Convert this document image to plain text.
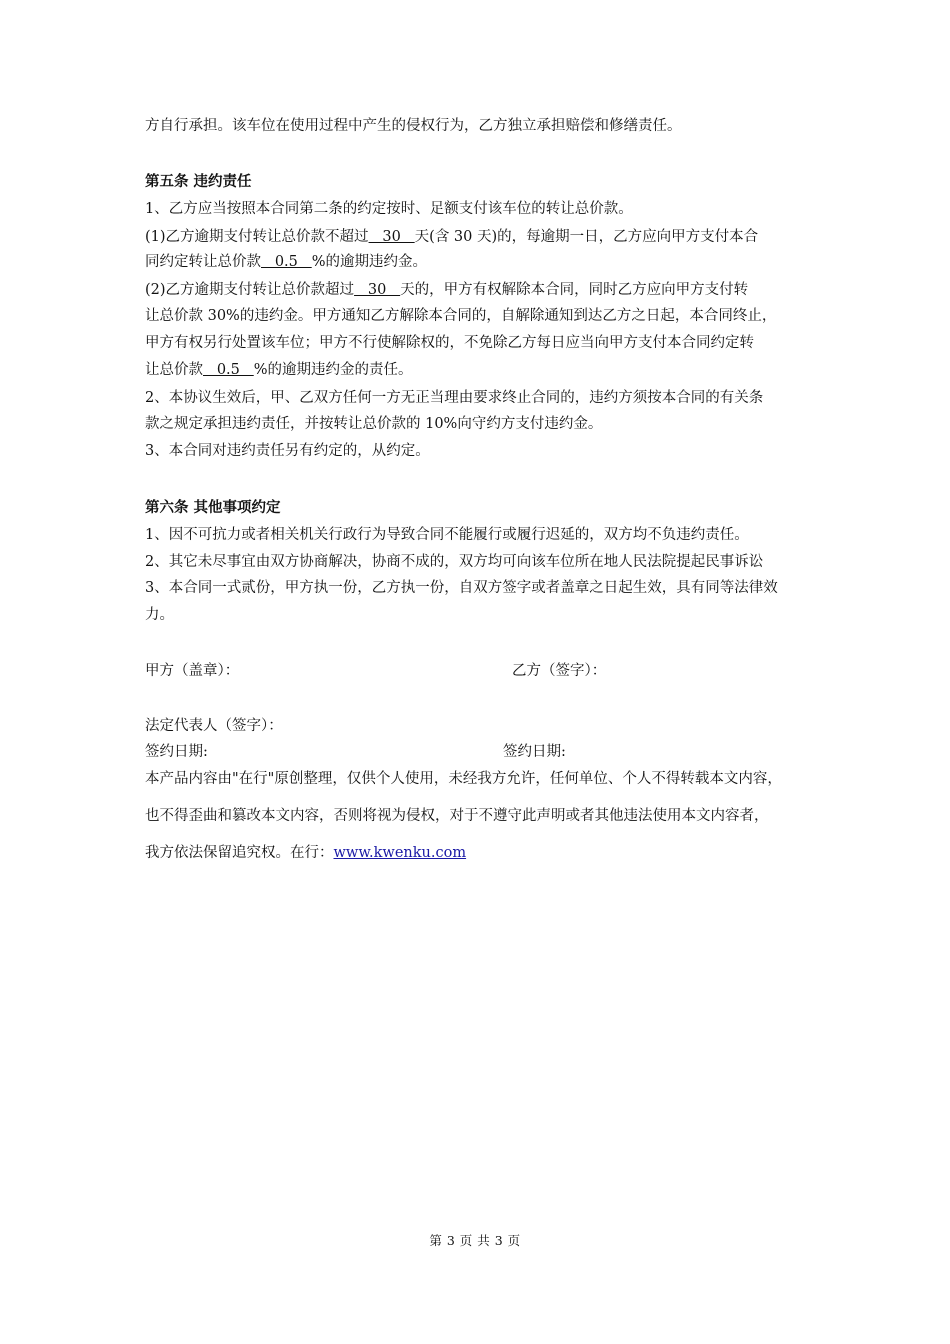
方自行承担。该车位在使用过程中产生的侵权行为，乙方独立承担赔偿和修缮责任。
第五条 违约责任
1、乙方应当按照本合同第二条的约定按时、足额支付该车位的转让总价款。
(1)乙方逾期支付转让总价款不超过   30   天(含 30 天)的，每逾期一日，乙方应向甲方支付本合
同约定转让总价款   0.5   %的逾期违约金。
(2)乙方逾期支付转让总价款超过   30   天的，甲方有权解除本合同，同时乙方应向甲方支付转
让总价款 30%的违约金。甲方通知乙方解除本合同的，自解除通知到达乙方之日起，本合同终止，
甲方有权另行处置该车位；甲方不行使解除权的，不免除乙方每日应当向甲方支付本合同约定转
让总价款   0.5   %的逾期违约金的责任。
2、本协议生效后，甲、乙双方任何一方无正当理由要求终止合同的，违约方须按本合同的有关条
款之规定承担违约责任，并按转让总价款的 10%向守约方支付违约金。
3、本合同对违约责任另有约定的，从约定。
第六条 其他事项约定
1、因不可抗力或者相关机关行政行为导致合同不能履行或履行迟延的，双方均不负违约责任。
2、其它未尽事宜由双方协商解决，协商不成的，双方均可向该车位所在地人民法院提起民事诉讼
3、本合同一式贰份，甲方执一份，乙方执一份，自双方签字或者盖章之日起生效，具有同等法律效
力。
甲方（盖章）：	乙方（签字）：
法定代表人（签字）：
签约日期:	签约日期:
本产品内容由"在行"原创整理，仅供个人使用，未经我方允许，任何单位、个人不得转载本文内容，
也不得歪曲和篡改本文内容，否则将视为侵权，对于不遵守此声明或者其他违法使用本文内容者，
我方依法保留追究权。在行：www.kwenku.com
第 3 页 共 3 页
